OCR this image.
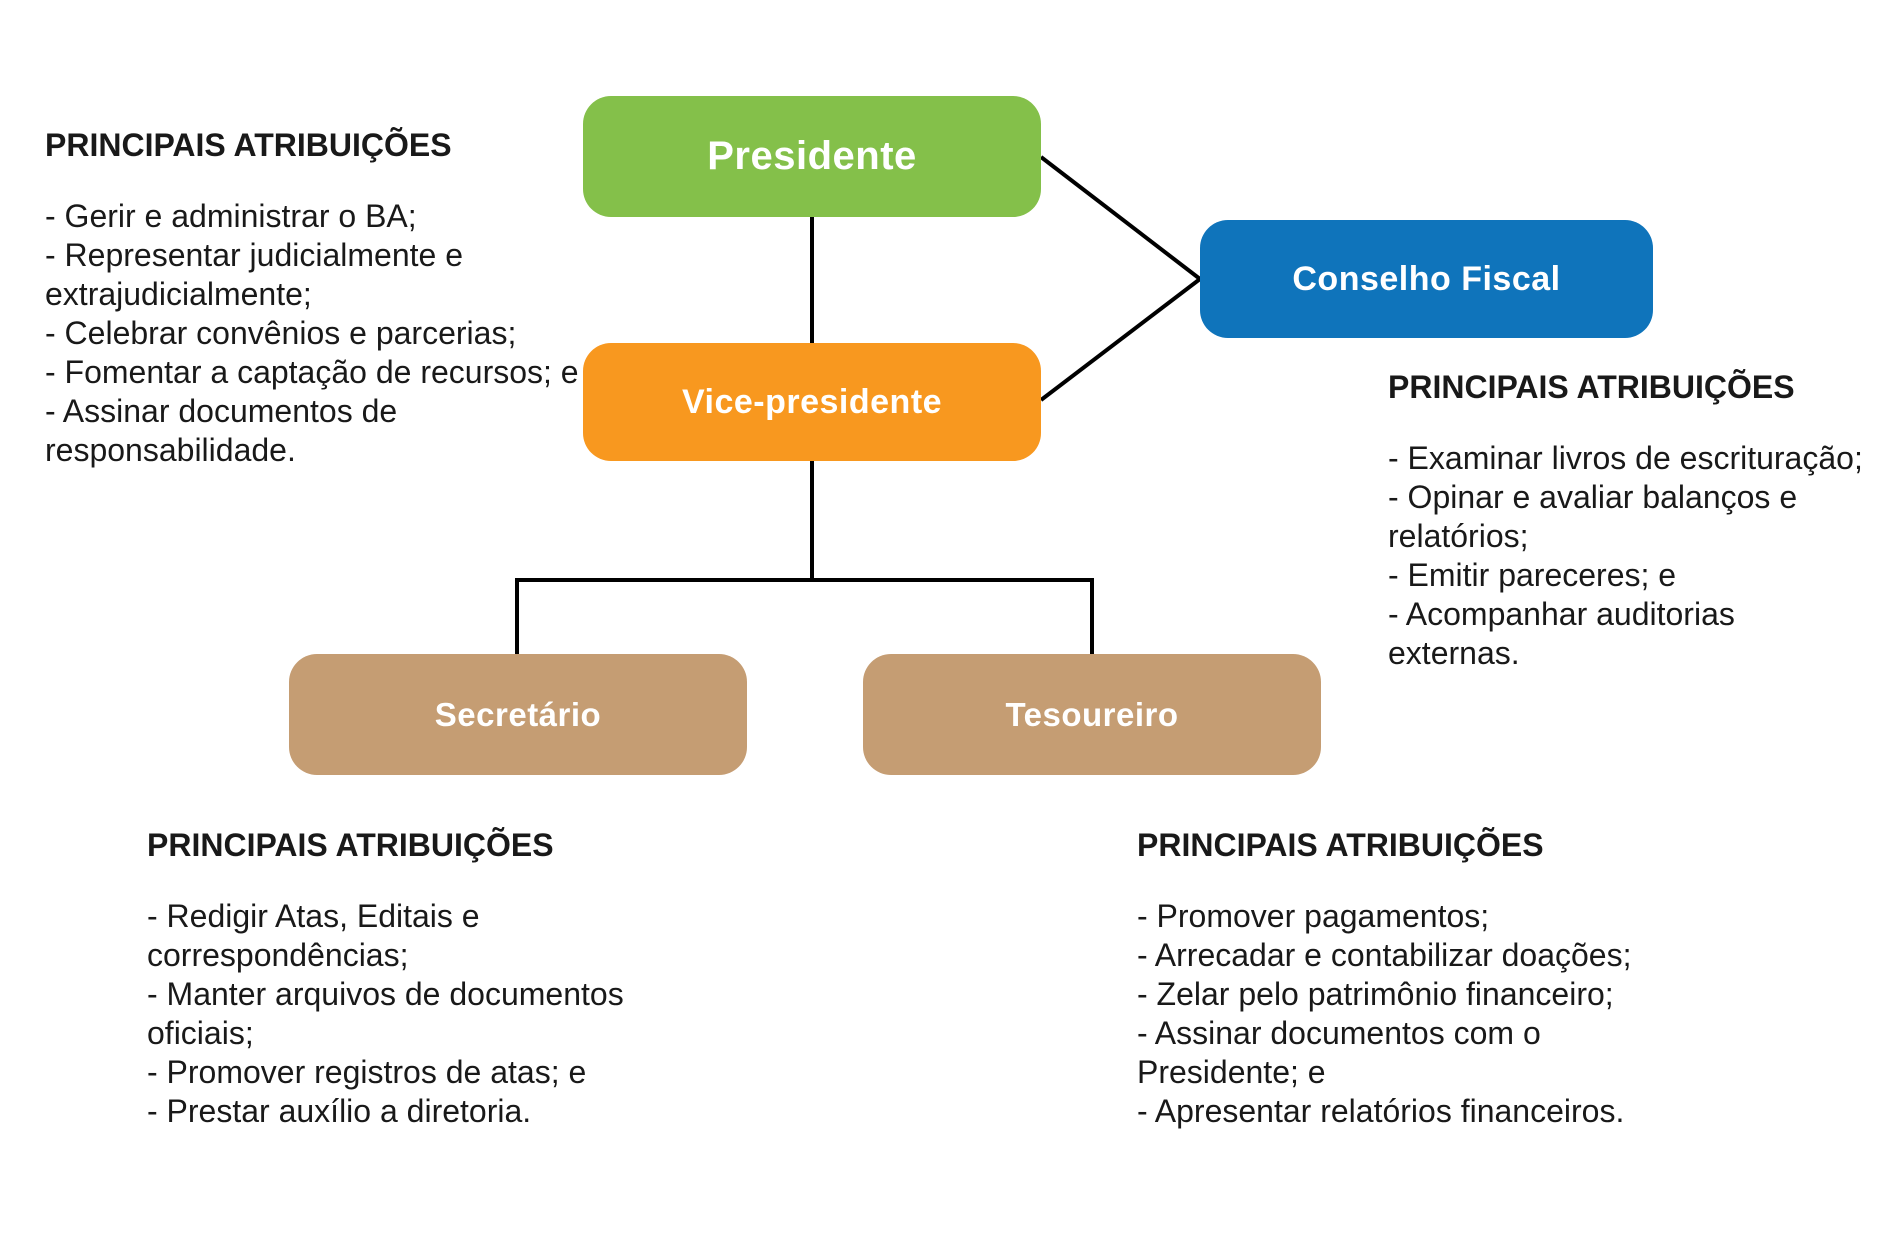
Presidente
Conselho Fiscal
Vice-presidente
Secretário	Tesoureiro
PRINCIPAIS ATRIBUIÇÕES
- Gerir e administrar o BA;
- Representar judicialmente e
extrajudicialmente;
- Celebrar convênios e parcerias;
- Fomentar a captação de recursos; e
- Assinar documentos de
responsabilidade.
PRINCIPAIS ATRIBUIÇÕES
- Examinar livros de escrituração;
- Opinar e avaliar balanços e
relatórios;
- Emitir pareceres; e
- Acompanhar auditorias
externas.
PRINCIPAIS ATRIBUIÇÕES
- Redigir Atas, Editais e
correspondências;
- Manter arquivos de documentos
oficiais;
- Promover registros de atas; e
- Prestar auxílio a diretoria.
PRINCIPAIS ATRIBUIÇÕES
- Promover pagamentos;
- Arrecadar e contabilizar doações;
- Zelar pelo patrimônio financeiro;
- Assinar documentos com o
Presidente; e
- Apresentar relatórios financeiros.
